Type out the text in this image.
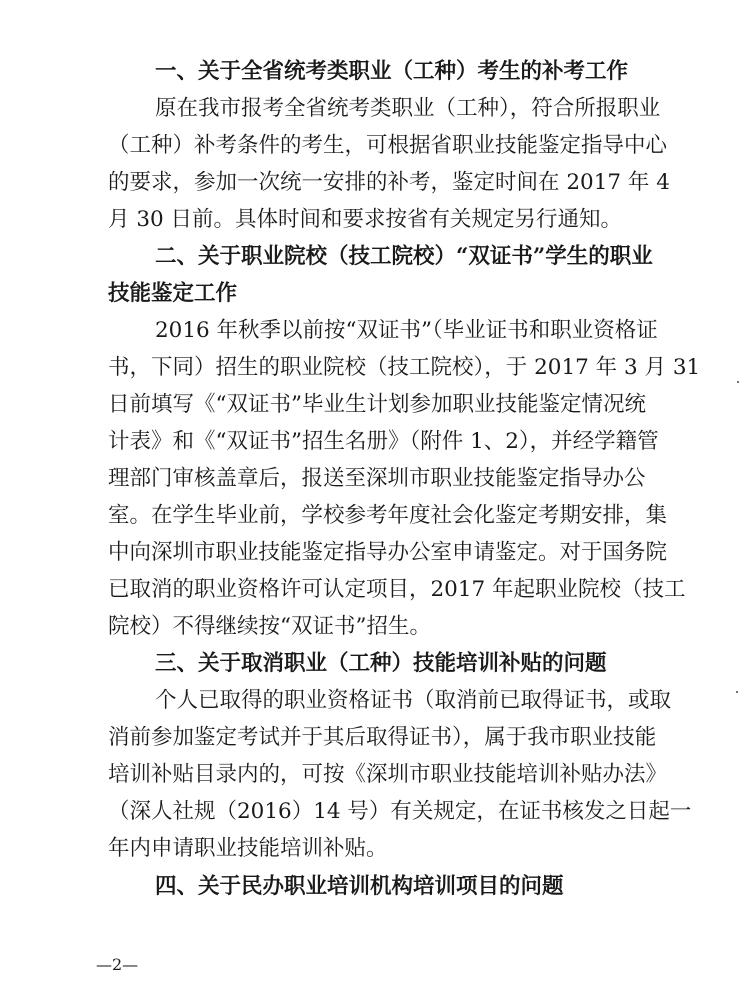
一、关于全省统考类职业（工种）考生的补考工作
原在我市报考全省统考类职业（工种），符合所报职业
（工种）补考条件的考生，可根据省职业技能鉴定指导中心
的要求，参加一次统一安排的补考，鉴定时间在 2017 年 4
月 30 日前。具体时间和要求按省有关规定另行通知。
二、关于职业院校（技工院校）“双证书”学生的职业
技能鉴定工作
2016 年秋季以前按“双证书”（毕业证书和职业资格证
书，下同）招生的职业院校（技工院校），于 2017 年 3 月 31
日前填写《“双证书”毕业生计划参加职业技能鉴定情况统
计表》和《“双证书”招生名册》（附件 1、2），并经学籍管
理部门审核盖章后，报送至深圳市职业技能鉴定指导办公
室。在学生毕业前，学校参考年度社会化鉴定考期安排，集
中向深圳市职业技能鉴定指导办公室申请鉴定。对于国务院
已取消的职业资格许可认定项目，2017 年起职业院校（技工
院校）不得继续按“双证书”招生。
三、关于取消职业（工种）技能培训补贴的问题
个人已取得的职业资格证书（取消前已取得证书，或取
消前参加鉴定考试并于其后取得证书），属于我市职业技能
培训补贴目录内的，可按《深圳市职业技能培训补贴办法》
（深人社规（2016）14 号）有关规定，在证书核发之日起一
年内申请职业技能培训补贴。
四、关于民办职业培训机构培训项目的问题
—2—
